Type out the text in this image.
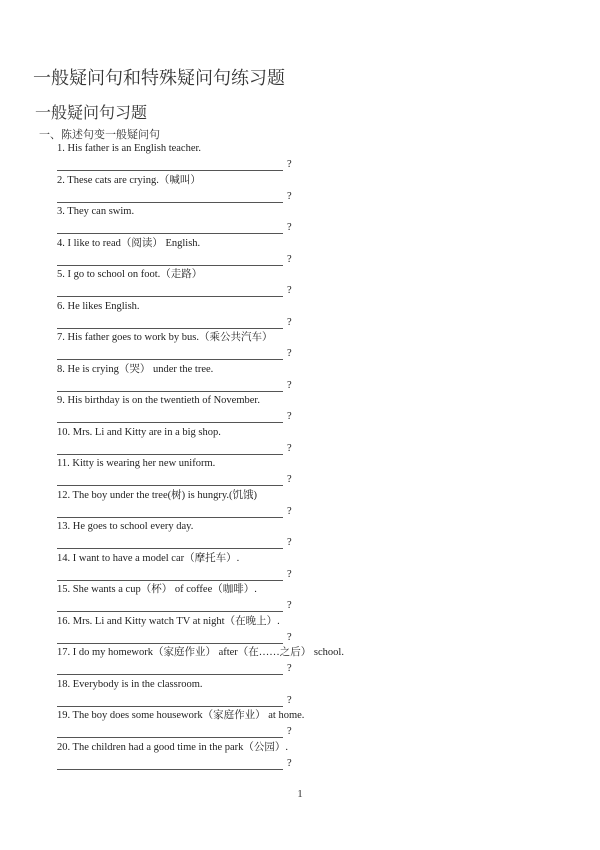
一般疑问句和特殊疑问句练习题
一般疑问句习题
一、陈述句变一般疑问句
1. His father is an English teacher.
?
2. These cats are crying.（喊叫）
?
3. They can swim.
?
4. I like to read（阅读） English.
?
5. I go to school on foot.（走路）
?
6. He likes English.
?
7. His father goes to work by bus.（乘公共汽车）
?
8. He is crying（哭） under the tree.
?
9. His birthday is on the twentieth of November.
?
10. Mrs. Li and Kitty are in a big shop.
?
11. Kitty is wearing her new uniform.
?
12. The boy under the tree(树) is hungry.(饥饿)
?
13. He goes to school every day.
?
14. I want to have a model car（摩托车）.
?
15. She wants a cup（杯） of coffee（咖啡）.
?
16. Mrs. Li and Kitty watch TV at night（在晚上）.
?
17. I do my homework（家庭作业） after（在……之后） school.
?
18. Everybody is in the classroom.
?
19. The boy does some housework（家庭作业） at home.
?
20. The children had a good time in the park（公园）.
?
1
